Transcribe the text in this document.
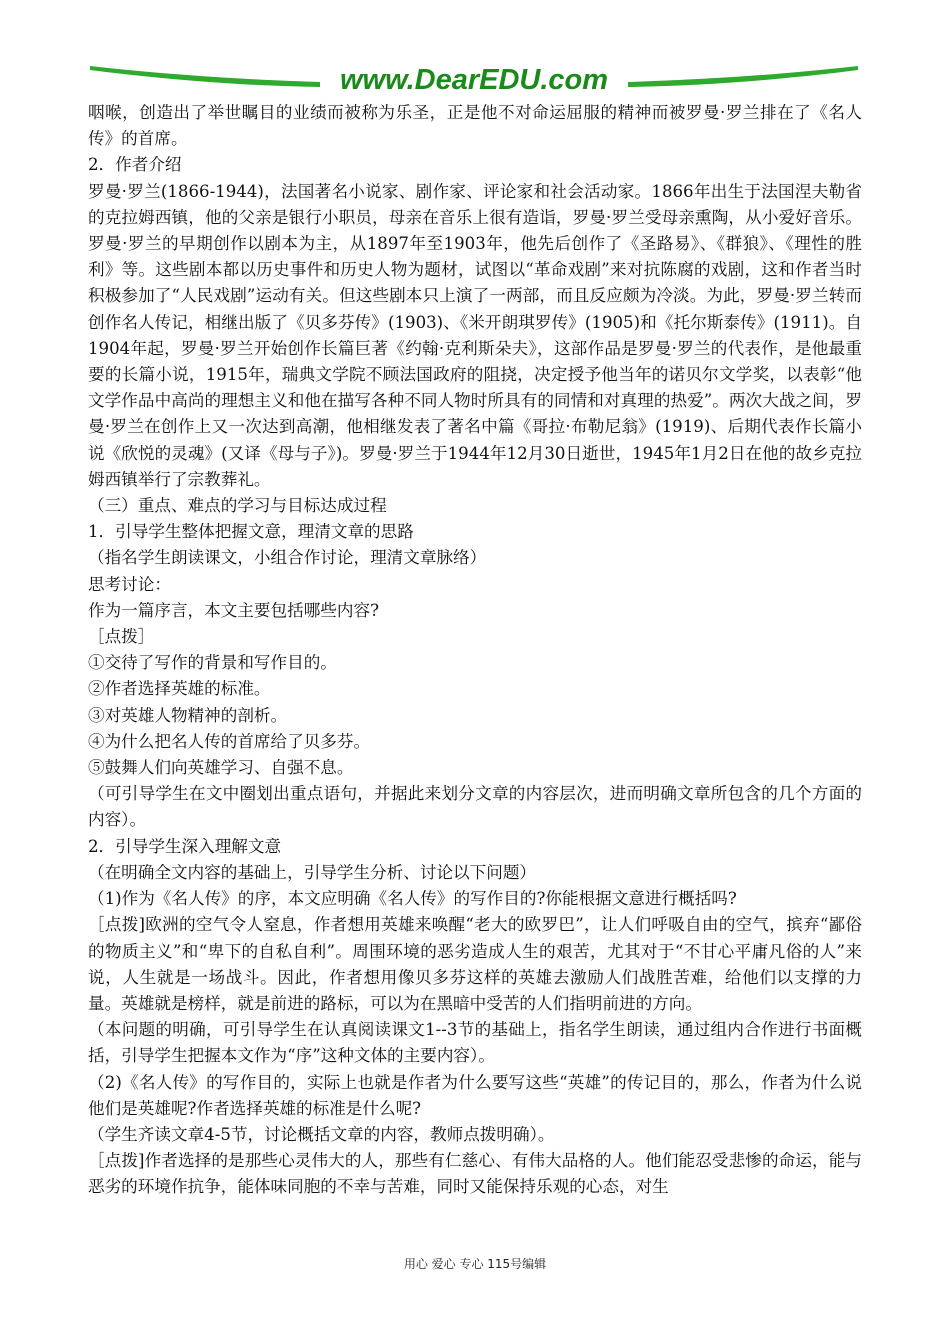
www.DearEDU.com

咽喉，创造出了举世瞩目的业绩而被称为乐圣，正是他不对命运屈服的精神而被罗曼·罗兰排在了《名人传》的首席。

2．作者介绍

罗曼·罗兰(1866-1944)，法国著名小说家、剧作家、评论家和社会活动家。1866年出生于法国涅夫勒省的克拉姆西镇，他的父亲是银行小职员，母亲在音乐上很有造诣，罗曼·罗兰受母亲熏陶，从小爱好音乐。罗曼·罗兰的早期创作以剧本为主，从1897年至1903年，他先后创作了《圣路易》、《群狼》、《理性的胜利》等。这些剧本都以历史事件和历史人物为题材，试图以“革命戏剧”来对抗陈腐的戏剧，这和作者当时积极参加了“人民戏剧”运动有关。但这些剧本只上演了一两部，而且反应颇为冷淡。为此，罗曼·罗兰转而创作名人传记，相继出版了《贝多芬传》(1903)、《米开朗琪罗传》(1905)和《托尔斯泰传》(1911)。自1904年起，罗曼·罗兰开始创作长篇巨著《约翰·克利斯朵夫》，这部作品是罗曼·罗兰的代表作，是他最重要的长篇小说，1915年，瑞典文学院不顾法国政府的阻挠，决定授予他当年的诺贝尔文学奖，以表彰“他文学作品中高尚的理想主义和他在描写各种不同人物时所具有的同情和对真理的热爱”。两次大战之间，罗曼·罗兰在创作上又一次达到高潮，他相继发表了著名中篇《哥拉·布勒尼翁》(1919)、后期代表作长篇小说《欣悦的灵魂》(又译《母与子》)。罗曼·罗兰于1944年12月30日逝世，1945年1月2日在他的故乡克拉姆西镇举行了宗教葬礼。

（三）重点、难点的学习与目标达成过程

1．引导学生整体把握文意，理清文章的思路

（指名学生朗读课文，小组合作讨论，理清文章脉络）

思考讨论：

作为一篇序言，本文主要包括哪些内容?

［点拨］

①交待了写作的背景和写作目的。

②作者选择英雄的标准。

③对英雄人物精神的剖析。

④为什么把名人传的首席给了贝多芬。

⑤鼓舞人们向英雄学习、自强不息。

（可引导学生在文中圈划出重点语句，并据此来划分文章的内容层次，进而明确文章所包含的几个方面的内容）。

2．引导学生深入理解文意

（在明确全文内容的基础上，引导学生分析、讨论以下问题）

（1)作为《名人传》的序，本文应明确《名人传》的写作目的?你能根据文意进行概括吗?

［点拨]欧洲的空气令人窒息，作者想用英雄来唤醒“老大的欧罗巴”，让人们呼吸自由的空气，摈弃“鄙俗的物质主义”和“卑下的自私自利”。周围环境的恶劣造成人生的艰苦，尤其对于“不甘心平庸凡俗的人”来说，人生就是一场战斗。因此，作者想用像贝多芬这样的英雄去激励人们战胜苦难，给他们以支撑的力量。英雄就是榜样，就是前进的路标，可以为在黑暗中受苦的人们指明前进的方向。

（本问题的明确，可引导学生在认真阅读课文1--3节的基础上，指名学生朗读，通过组内合作进行书面概括，引导学生把握本文作为“序”这种文体的主要内容）。

（2)《名人传》的写作目的，实际上也就是作者为什么要写这些“英雄”的传记目的，那么，作者为什么说他们是英雄呢?作者选择英雄的标准是什么呢?

（学生齐读文章4-5节，讨论概括文章的内容，教师点拨明确）。

［点拨]作者选择的是那些心灵伟大的人，那些有仁慈心、有伟大品格的人。他们能忍受悲惨的命运，能与恶劣的环境作抗争，能体味同胞的不幸与苦难，同时又能保持乐观的心态，对生

用心 爱心 专心 115号编辑
